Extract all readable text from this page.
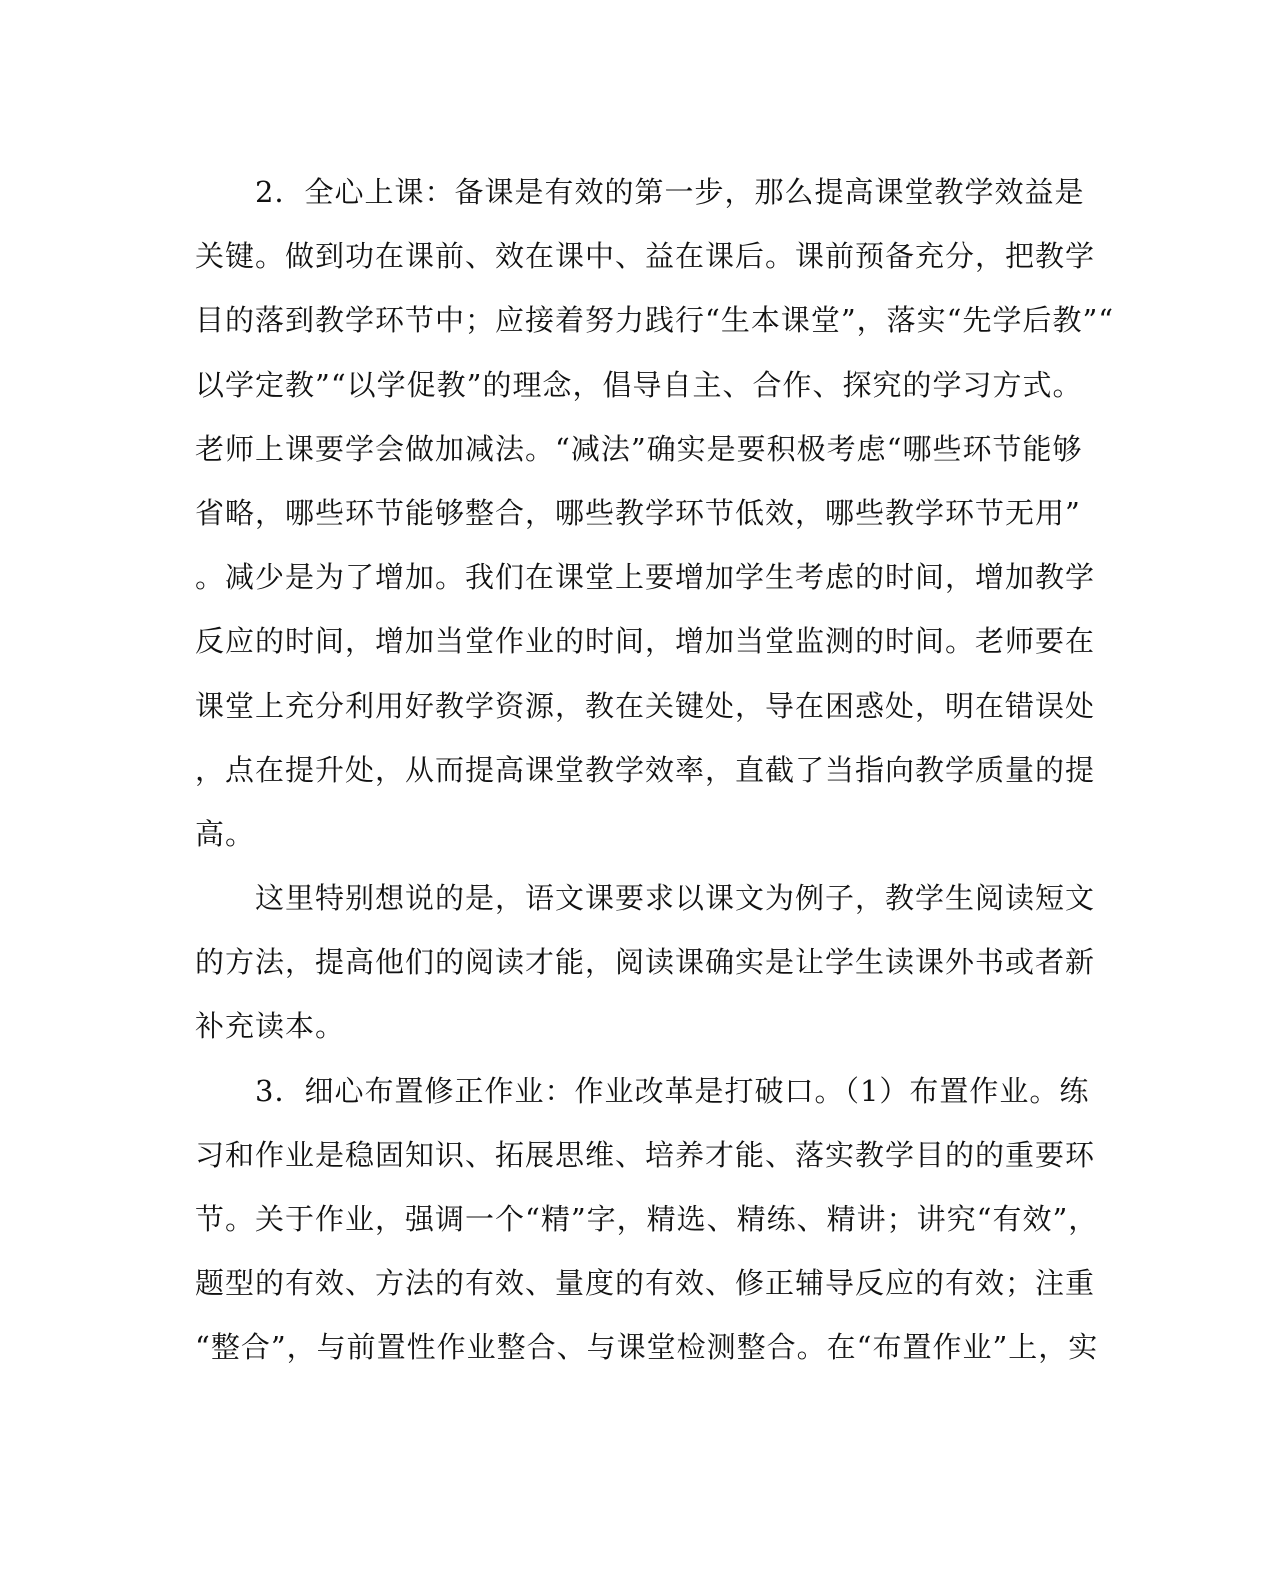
　　2．全心上课：备课是有效的第一步，那么提高课堂教学效益是
关键。做到功在课前、效在课中、益在课后。课前预备充分，把教学
目的落到教学环节中；应接着努力践行“生本课堂”，落实“先学后教”“
以学定教”“以学促教”的理念，倡导自主、合作、探究的学习方式。
老师上课要学会做加减法。“减法”确实是要积极考虑“哪些环节能够
省略，哪些环节能够整合，哪些教学环节低效，哪些教学环节无用”
。减少是为了增加。我们在课堂上要增加学生考虑的时间，增加教学
反应的时间，增加当堂作业的时间，增加当堂监测的时间。老师要在
课堂上充分利用好教学资源，教在关键处，导在困惑处，明在错误处
，点在提升处，从而提高课堂教学效率，直截了当指向教学质量的提
高。
　　这里特别想说的是，语文课要求以课文为例子，教学生阅读短文
的方法，提高他们的阅读才能，阅读课确实是让学生读课外书或者新
补充读本。
　　3．细心布置修正作业：作业改革是打破口。（1）布置作业。练
习和作业是稳固知识、拓展思维、培养才能、落实教学目的的重要环
节。关于作业，强调一个“精”字，精选、精练、精讲；讲究“有效”，
题型的有效、方法的有效、量度的有效、修正辅导反应的有效；注重
“整合”，与前置性作业整合、与课堂检测整合。在“布置作业”上，实
